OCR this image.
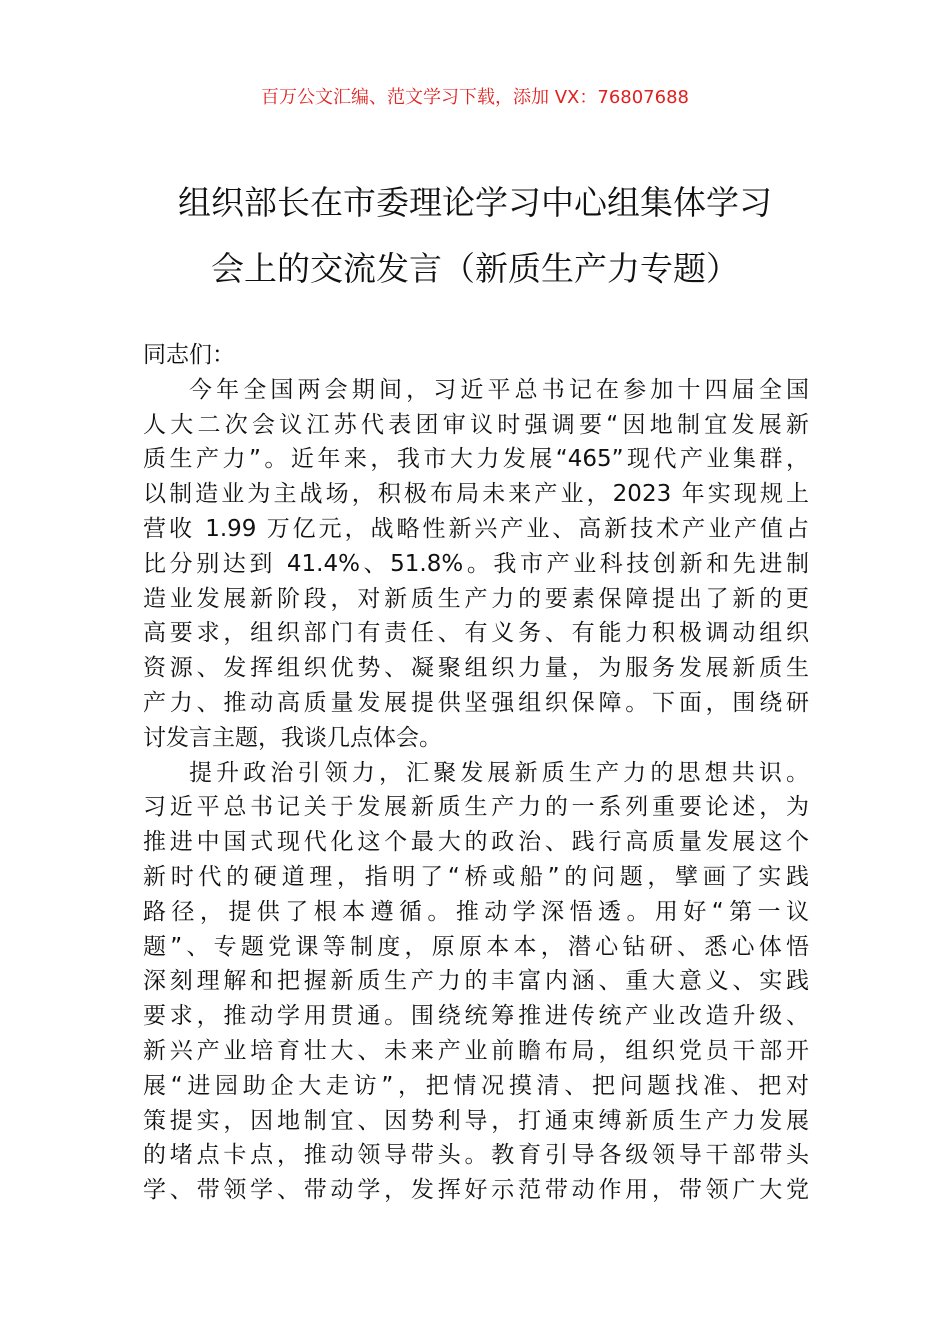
百万公文汇编、范文学习下载，添加 VX：76807688
组织部长在市委理论学习中心组集体学习
会上的交流发言（新质生产力专题）
同志们：
今年全国两会期间，习近平总书记在参加十四届全国
人大二次会议江苏代表团审议时强调要“因地制宜发展新
质生产力”。近年来，我市大力发展“465”现代产业集群，
以制造业为主战场，积极布局未来产业，2023 年实现规上
营收 1.99 万亿元，战略性新兴产业、高新技术产业产值占
比分别达到 41.4%、51.8%。我市产业科技创新和先进制
造业发展新阶段，对新质生产力的要素保障提出了新的更
高要求，组织部门有责任、有义务、有能力积极调动组织
资源、发挥组织优势、凝聚组织力量，为服务发展新质生
产力、推动高质量发展提供坚强组织保障。下面，围绕研
讨发言主题，我谈几点体会。
提升政治引领力，汇聚发展新质生产力的思想共识。
习近平总书记关于发展新质生产力的一系列重要论述，为
推进中国式现代化这个最大的政治、践行高质量发展这个
新时代的硬道理，指明了“桥或船”的问题，擘画了实践
路径，提供了根本遵循。推动学深悟透。用好“第一议
题”、专题党课等制度，原原本本，潜心钻研、悉心体悟
深刻理解和把握新质生产力的丰富内涵、重大意义、实践
要求，推动学用贯通。围绕统筹推进传统产业改造升级、
新兴产业培育壮大、未来产业前瞻布局，组织党员干部开
展“进园助企大走访”，把情况摸清、把问题找准、把对
策提实，因地制宜、因势利导，打通束缚新质生产力发展
的堵点卡点，推动领导带头。教育引导各级领导干部带头
学、带领学、带动学，发挥好示范带动作用，带领广大党
